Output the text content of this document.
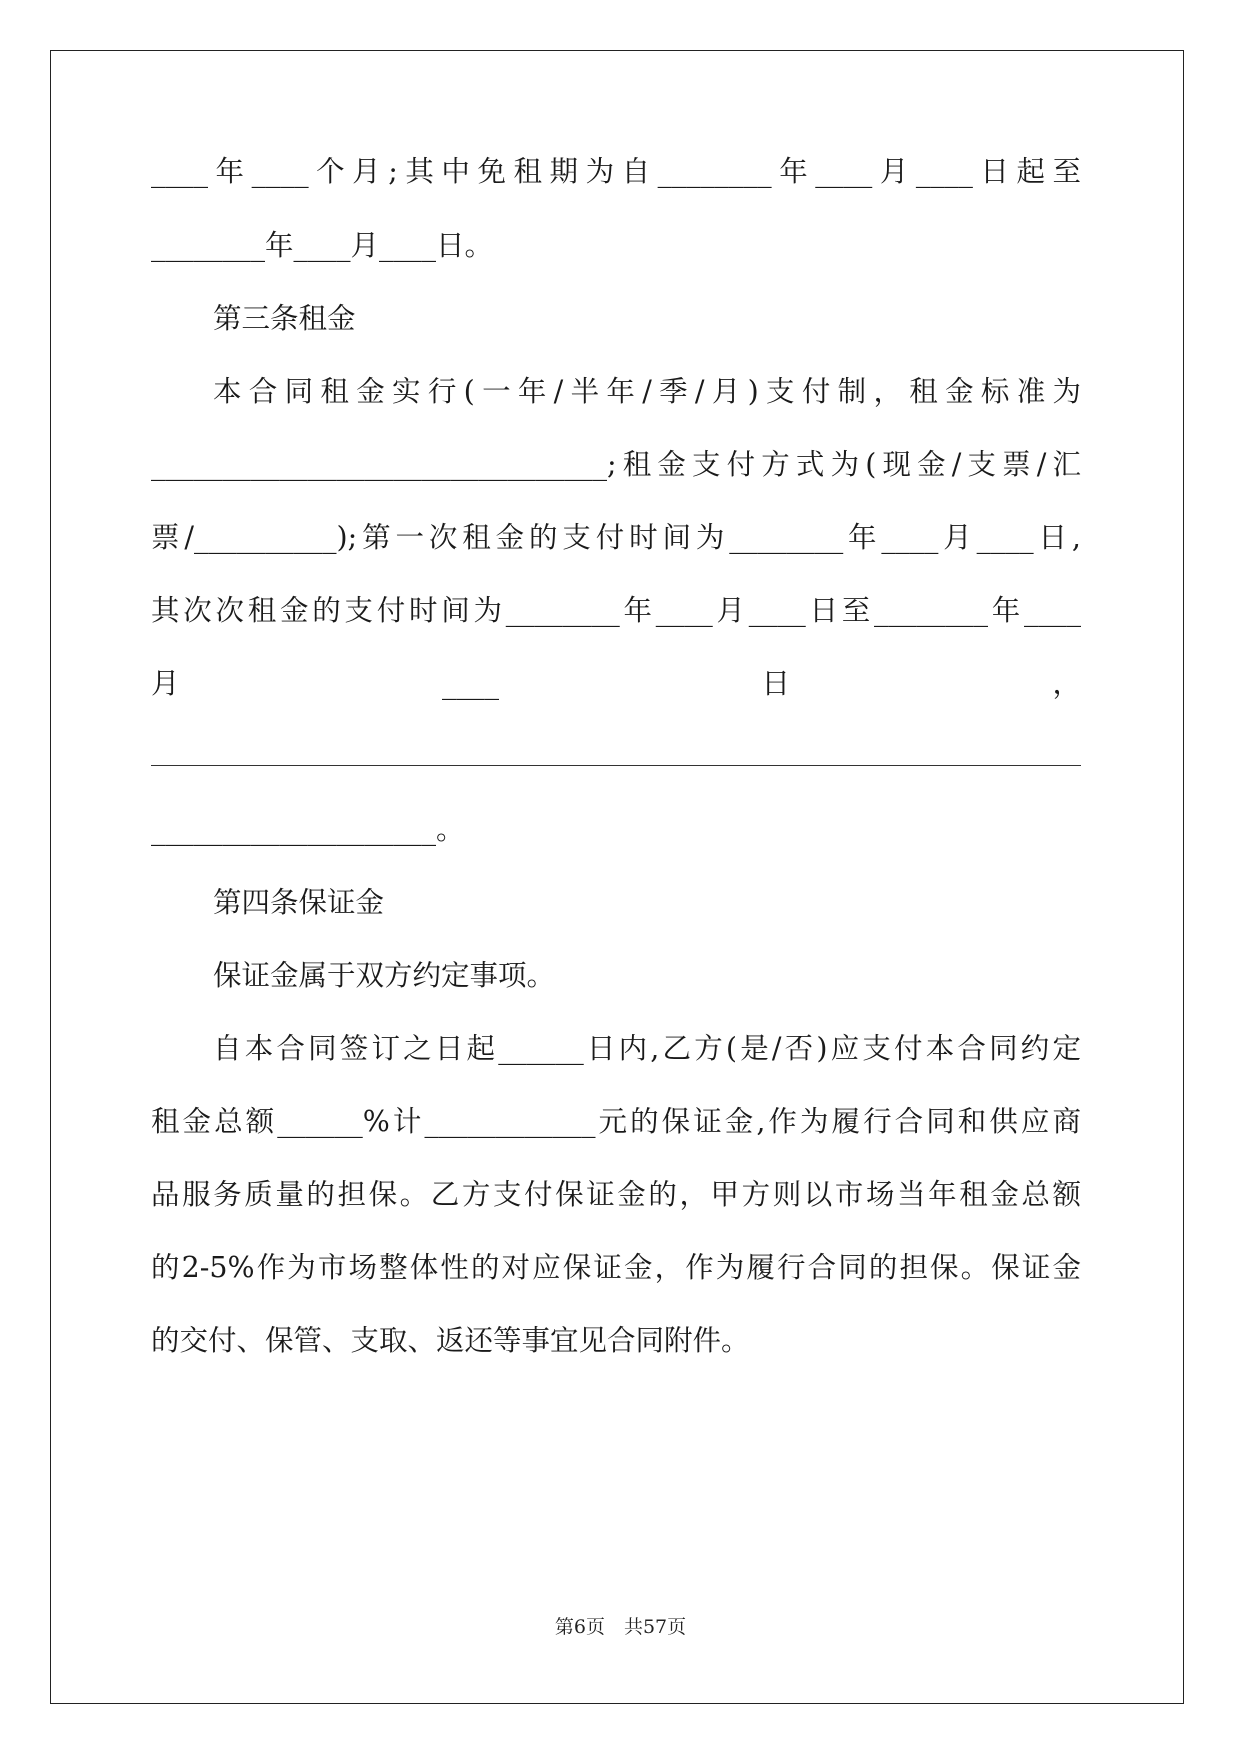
____年____个月;其中免租期为自________年____月____日起至

________年____月____日。

第三条租金

本合同租金实行(一年/半年/季/月)支付制，租金标准为

________________________________;租金支付方式为(现金/支票/汇

票/__________);第一次租金的支付时间为________年____月____日,

其次次租金的支付时间为________年____月____日至________年____

月	____	日	，

____________________。

第四条保证金

保证金属于双方约定事项。

自本合同签订之日起______日内,乙方(是/否)应支付本合同约定

租金总额______%计____________元的保证金,作为履行合同和供应商

品服务质量的担保。乙方支付保证金的，甲方则以市场当年租金总额

的2-5%作为市场整体性的对应保证金，作为履行合同的担保。保证金

的交付、保管、支取、返还等事宜见合同附件。

第6页　共57页
